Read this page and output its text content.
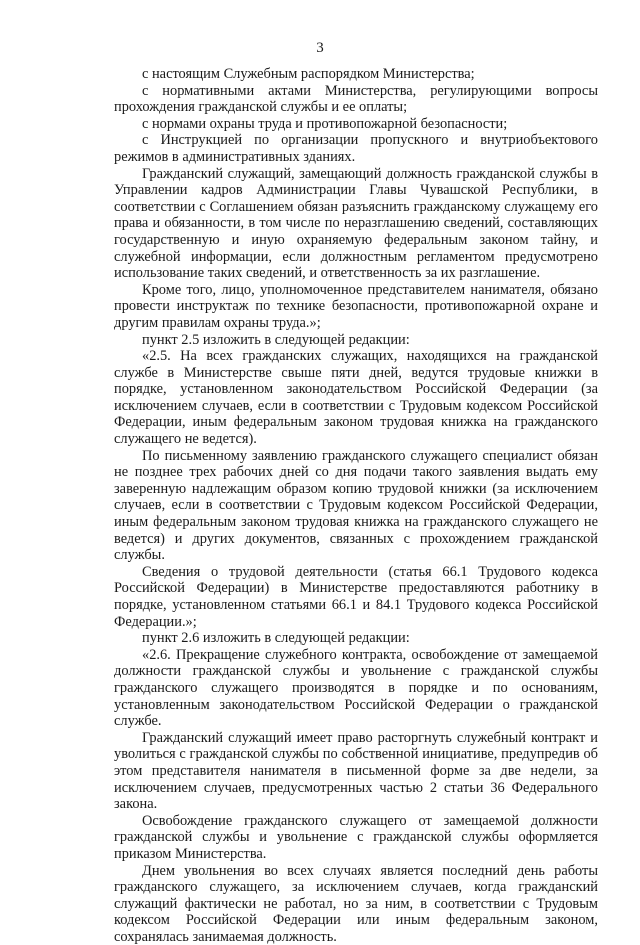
3

с настоящим Служебным распорядком Министерства;

с нормативными актами Министерства, регулирующими вопросы прохождения гражданской службы и ее оплаты;

с нормами охраны труда и противопожарной безопасности;

с Инструкцией по организации пропускного и внутриобъектового режимов в административных зданиях.

Гражданский служащий, замещающий должность гражданской службы в Управлении кадров Администрации Главы Чувашской Республики, в соответствии с Соглашением обязан разъяснить гражданскому служащему его права и обязанности, в том числе по неразглашению сведений, составляющих государственную и иную охраняемую федеральным законом тайну, и служебной информации, если должностным регламентом предусмотрено использование таких сведений, и ответственность за их разглашение.

Кроме того, лицо, уполномоченное представителем нанимателя, обязано провести инструктаж по технике безопасности, противопожарной охране и другим правилам охраны труда.»;

пункт 2.5 изложить в следующей редакции:

«2.5. На всех гражданских служащих, находящихся на гражданской службе в Министерстве свыше пяти дней, ведутся трудовые книжки в порядке, установленном законодательством Российской Федерации (за исключением случаев, если в соответствии с Трудовым кодексом Российской Федерации, иным федеральным законом трудовая книжка на гражданского служащего не ведется).

По письменному заявлению гражданского служащего специалист обязан не позднее трех рабочих дней со дня подачи такого заявления выдать ему заверенную надлежащим образом копию трудовой книжки (за исключением случаев, если в соответствии с Трудовым кодексом Российской Федерации, иным федеральным законом трудовая книжка на гражданского служащего не ведется) и других документов, связанных с прохождением гражданской службы.

Сведения о трудовой деятельности (статья 66.1 Трудового кодекса Российской Федерации) в Министерстве предоставляются работнику в порядке, установленном статьями 66.1 и 84.1 Трудового кодекса Российской Федерации.»;

пункт 2.6 изложить в следующей редакции:

«2.6. Прекращение служебного контракта, освобождение от замещаемой должности гражданской службы и увольнение с гражданской службы гражданского служащего производятся в порядке и по основаниям, установленным законодательством Российской Федерации о гражданской службе.

Гражданский служащий имеет право расторгнуть служебный контракт и уволиться с гражданской службы по собственной инициативе, предупредив об этом представителя нанимателя в письменной форме за две недели, за исключением случаев, предусмотренных частью 2 статьи 36 Федерального закона.

Освобождение гражданского служащего от замещаемой должности гражданской службы и увольнение с гражданской службы оформляется приказом Министерства.

Днем увольнения во всех случаях является последний день работы гражданского служащего, за исключением случаев, когда гражданский служащий фактически не работал, но за ним, в соответствии с Трудовым кодексом Российской Федерации или иным федеральным законом, сохранялась занимаемая должность.
